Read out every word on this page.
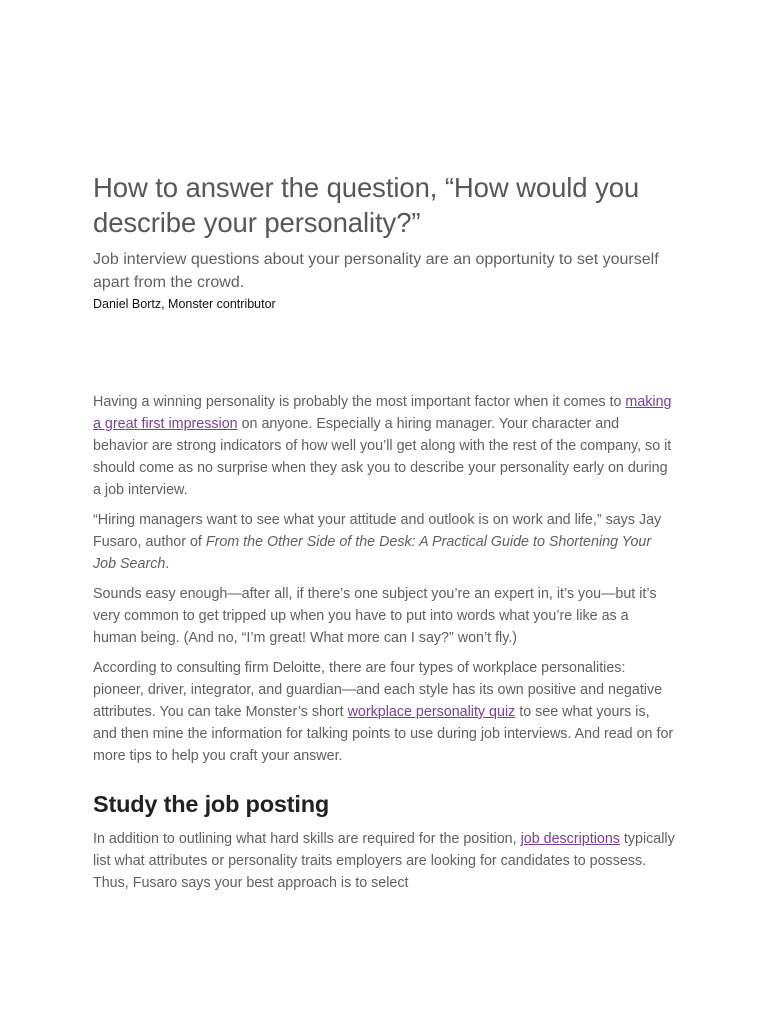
How to answer the question, “How would you describe your personality?”

Job interview questions about your personality are an opportunity to set yourself apart from the crowd.

Daniel Bortz, Monster contributor

Having a winning personality is probably the most important factor when it comes to making a great first impression on anyone. Especially a hiring manager. Your character and behavior are strong indicators of how well you’ll get along with the rest of the company, so it should come as no surprise when they ask you to describe your personality early on during a job interview.

“Hiring managers want to see what your attitude and outlook is on work and life,” says Jay Fusaro, author of From the Other Side of the Desk: A Practical Guide to Shortening Your Job Search.

Sounds easy enough—after all, if there’s one subject you’re an expert in, it’s you—but it’s very common to get tripped up when you have to put into words what you’re like as a human being. (And no, “I’m great! What more can I say?” won’t fly.)

According to consulting firm Deloitte, there are four types of workplace personalities: pioneer, driver, integrator, and guardian—and each style has its own positive and negative attributes. You can take Monster’s short workplace personality quiz to see what yours is, and then mine the information for talking points to use during job interviews. And read on for more tips to help you craft your answer.

Study the job posting

In addition to outlining what hard skills are required for the position, job descriptions typically list what attributes or personality traits employers are looking for candidates to possess. Thus, Fusaro says your best approach is to select
